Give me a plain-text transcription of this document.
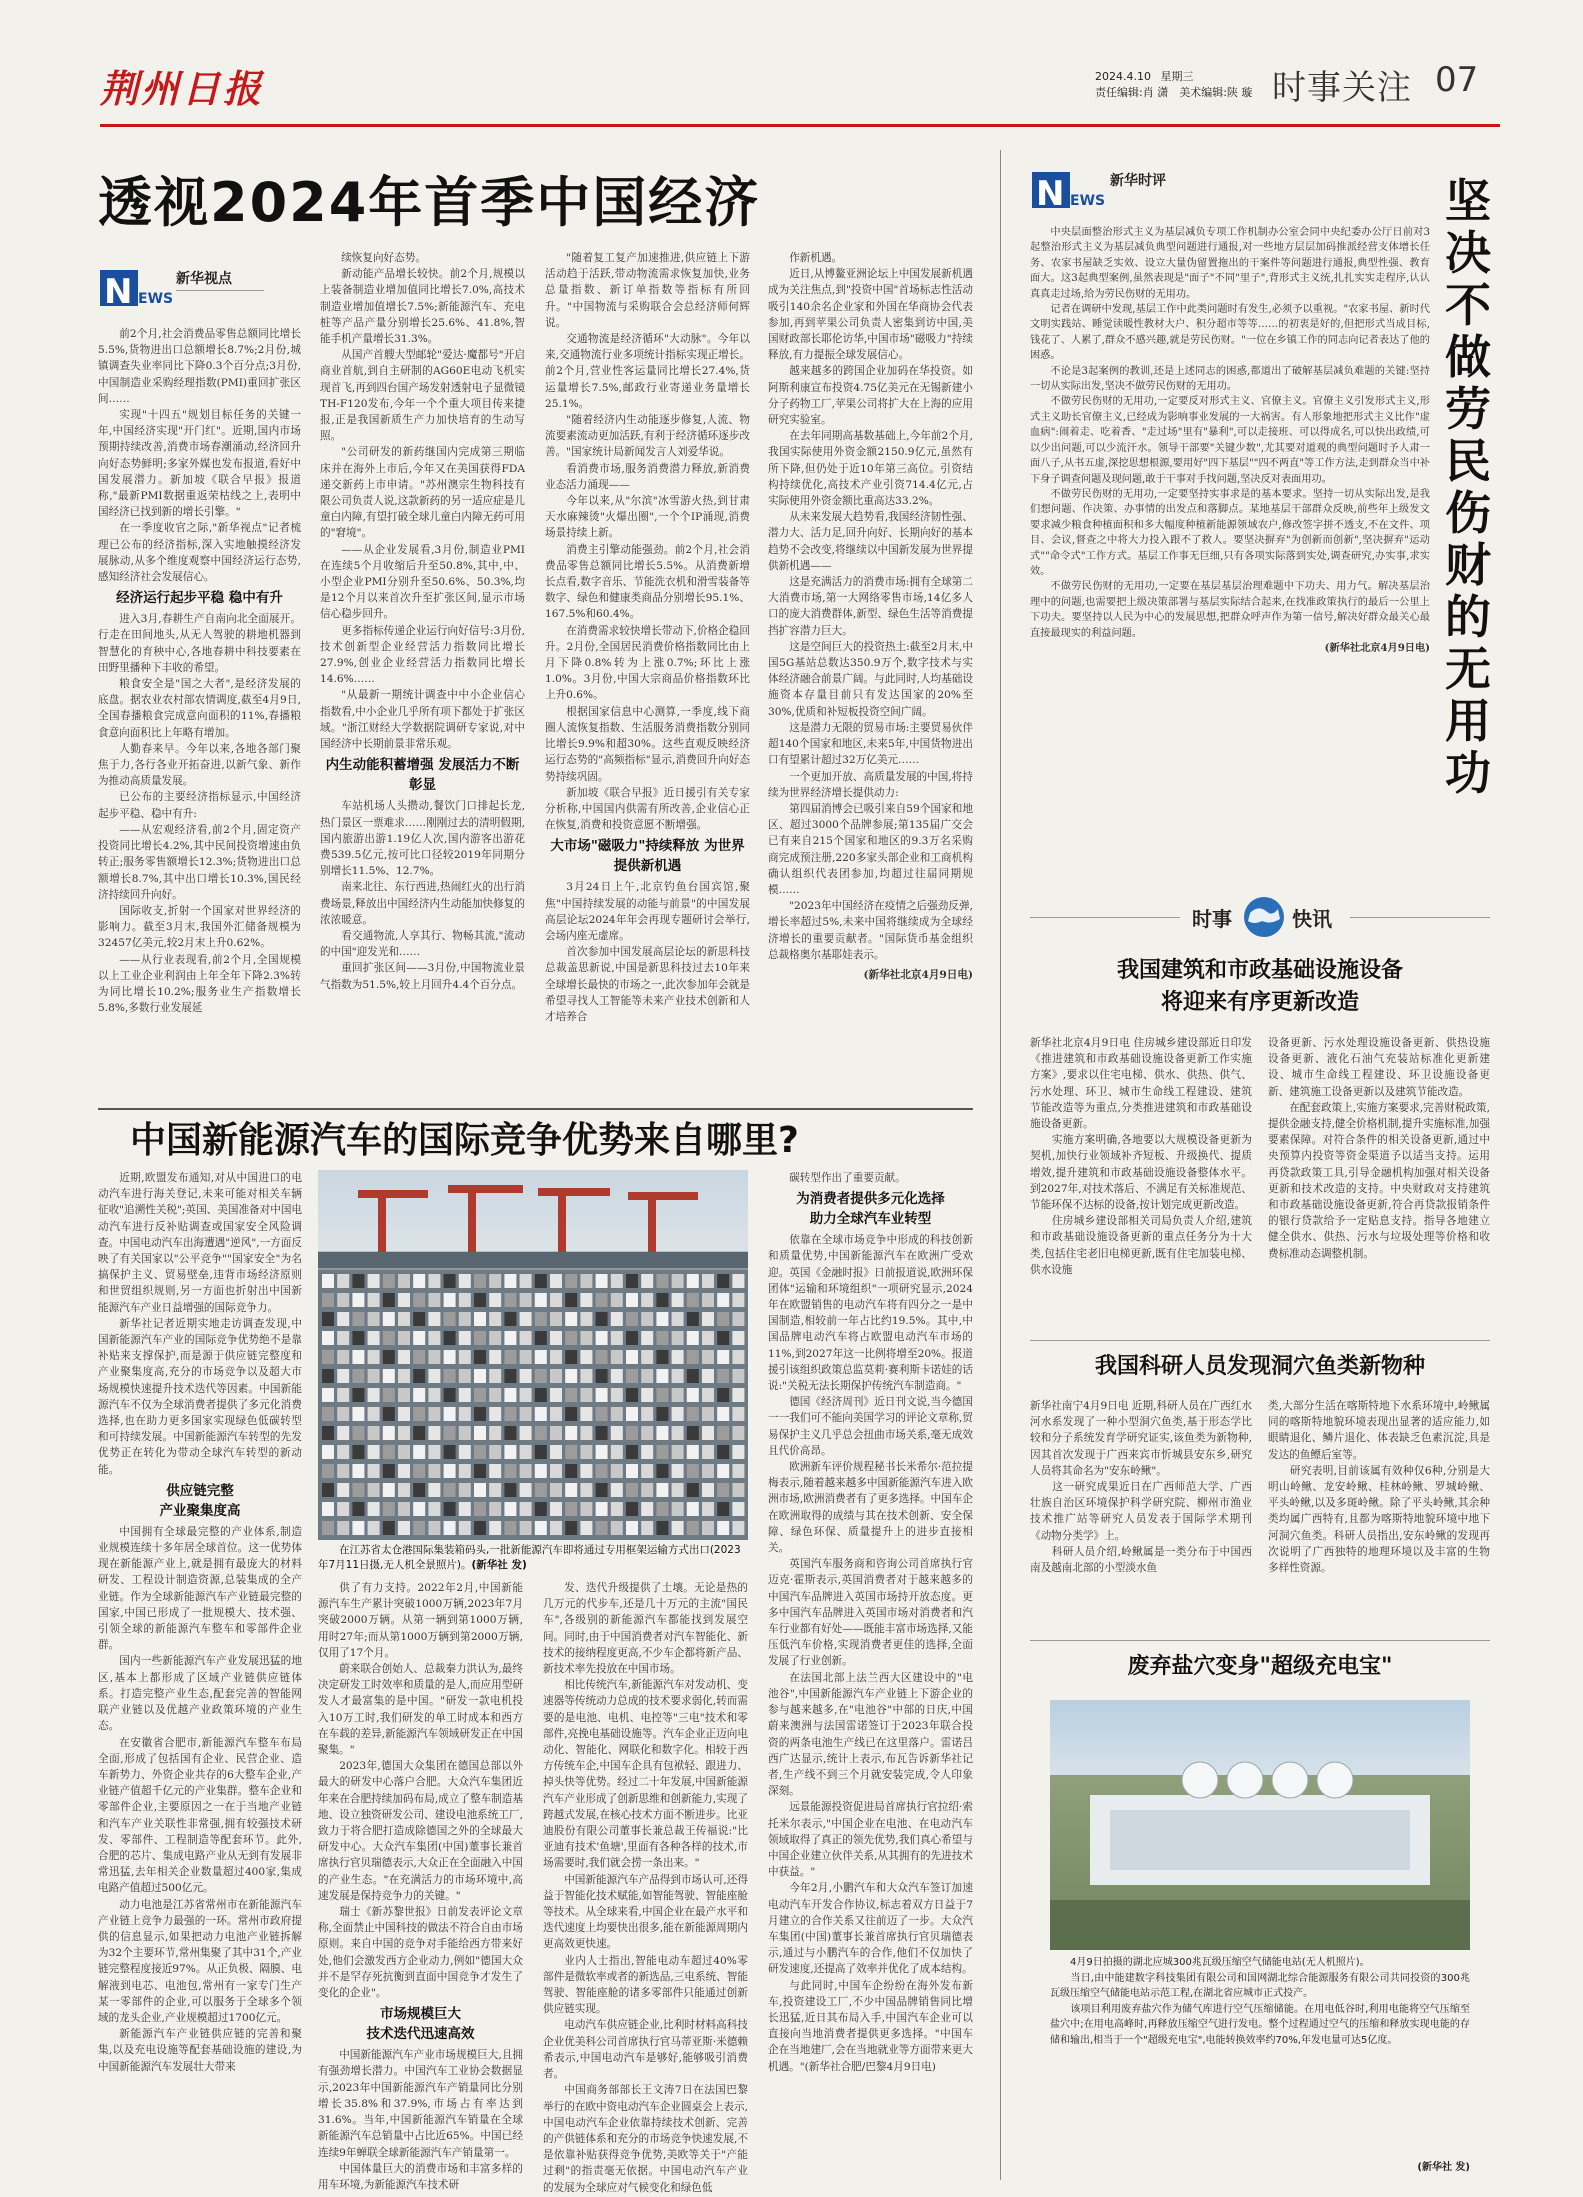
荆州日报	2024.4.10 星期三
责任编辑:肖 潇　美术编辑:陕 璇 时事关注 07
透视2024年首季中国经济
N EWS
新华视点

前2个月,社会消费品零售总额同比增长5.5%,货物进出口总额增长8.7%;2月份,城镇调查失业率同比下降0.3个百分点;3月份,中国制造业采购经理指数(PMI)重回扩张区间……

实现"十四五"规划目标任务的关键一年,中国经济实现"开门红"。近期,国内市场预期持续改善,消费市场春潮涌动,经济回升向好态势鲜明;多家外媒也发布报道,看好中国发展潜力。新加坡《联合早报》报道称,"最新PMI数据重返荣枯线之上,表明中国经济已找到新的增长引擎。"

在一季度收官之际,"新华视点"记者梳理已公布的经济指标,深入实地触摸经济发展脉动,从多个维度观察中国经济运行态势,感知经济社会发展信心。

经济运行起步平稳 稳中有升

进入3月,春耕生产自南向北全面展开。行走在田间地头,从无人驾驶的耕地机器到智慧化的育秧中心,各地春耕中科技要素在田野里播种下丰收的希望。

粮食安全是"国之大者",是经济发展的底盘。据农业农村部农情调度,截至4月9日,全国春播粮食完成意向面积的11%,春播粮食意向面积比上年略有增加。

人勤春来早。今年以来,各地各部门聚焦于力,各行各业开拓奋进,以新气象、新作为推动高质量发展。

已公布的主要经济指标显示,中国经济起步平稳、稳中有升:

——从宏观经济看,前2个月,固定资产投资同比增长4.2%,其中民间投资增速由负转正;服务零售额增长12.3%;货物进出口总额增长8.7%,其中出口增长10.3%,国民经济持续回升向好。

国际收支,折射一个国家对世界经济的影响力。截至3月末,我国外汇储备规模为32457亿美元,较2月末上升0.62%。

——从行业表现看,前2个月,全国规模以上工业企业利润由上年全年下降2.3%转为同比增长10.2%;服务业生产指数增长5.8%,多数行业发展延

续恢复向好态势。

新动能产品增长较快。前2个月,规模以上装备制造业增加值同比增长7.0%,高技术制造业增加值增长7.5%;新能源汽车、充电桩等产品产量分别增长25.6%、41.8%,智能手机产量增长31.3%。

从国产首艘大型邮轮"爱达·魔都号"开启商业首航,到自主研制的AG60E电动飞机实现首飞,再到四台国产场发射透射电子显微镜TH-F120发布,今年一个个重大项目传来捷报,正是我国新质生产力加快培育的生动写照。

"公司研发的新药继国内完成第三期临床并在海外上市后,今年又在美国获得FDA递交新药上市申请。"苏州澳宗生物科技有限公司负责人说,这款新药的另一适应症是儿童白内障,有望打破全球儿童白内障无药可用的"窘境"。

——从企业发展看,3月份,制造业PMI在连续5个月收缩后升至50.8%,其中,中、小型企业PMI分别升至50.6%、50.3%,均是12个月以来首次升至扩张区间,显示市场信心稳步回升。

更多指标传递企业运行向好信号:3月份,技术创新型企业经营活力指数同比增长27.9%,创业企业经营活力指数同比增长14.6%……

"从最新一期统计调查中中小企业信心指数看,中小企业几乎所有项下都处于扩张区域。"浙江财经大学数据院调研专家说,对中国经济中长期前景非常乐观。

内生动能积蓄增强 发展活力不断彰显

车站机场人头攒动,餐饮门口排起长龙,热门景区一票难求……刚刚过去的清明假期,国内旅游出游1.19亿人次,国内游客出游花费539.5亿元,按可比口径较2019年同期分别增长11.5%、12.7%。

南来北往、东行西进,热闹红火的出行消费场景,释放出中国经济内生动能加快修复的浓浓暖意。

看交通物流,人享其行、物畅其流,"流动的中国"迎发光和……

重回扩张区间——3月份,中国物流业景气指数为51.5%,较上月回升4.4个百分点。

"随着复工复产加速推进,供应链上下游活动趋于活跃,带动物流需求恢复加快,业务总量指数、新订单指数等指标有所回升。"中国物流与采购联合会总经济师何辉说。

交通物流是经济循环"大动脉"。今年以来,交通物流行业多项统计指标实现正增长。前2个月,营业性客运量同比增长27.4%,货运量增长7.5%,邮政行业寄递业务量增长25.1%。

"随着经济内生动能逐步修复,人流、物流要素流动更加活跃,有利于经济循环逐步改善。"国家统计局新闻发言人刘爱华说。

看消费市场,服务消费潜力释放,新消费业态活力涌现——

今年以来,从"尔滨"冰雪游火热,到甘肃天水麻辣烫"火爆出圈",一个个IP涌现,消费场景持续上新。

消费主引擎动能强劲。前2个月,社会消费品零售总额同比增长5.5%。从消费新增长点看,数字音乐、节能洗衣机和滑雪装备等数字、绿色和健康类商品分别增长95.1%、167.5%和60.4%。

在消费需求较快增长带动下,价格企稳回升。2月份,全国居民消费价格指数同比由上月下降0.8%转为上涨0.7%;环比上涨1.0%。3月份,中国大宗商品价格指数环比上升0.6%。

根据国家信息中心测算,一季度,线下商圈人流恢复指数、生活服务消费指数分别同比增长9.9%和超30%。这些直观反映经济运行态势的"高频指标"显示,消费回升向好态势持续巩固。

新加坡《联合早报》近日援引有关专家分析称,中国国内供需有所改善,企业信心正在恢复,消费和投资意愿不断增强。

大市场"磁吸力"持续释放 为世界提供新机遇

3月24日上午,北京钓鱼台国宾馆,聚焦"中国持续发展的动能与前景"的中国发展高层论坛2024年年会再现专题研讨会举行,会场内座无虚席。

首次参加中国发展高层论坛的新思科技总裁盖思新说,中国是新思科技过去10年来全球增长最快的市场之一,此次参加年会就是希望寻找人工智能等未来产业技术创新和人才培养合

作新机遇。

近日,从博鳌亚洲论坛上中国发展新机遇成为关注焦点,到"投资中国"首场标志性活动吸引140余名企业家和外国在华商协会代表参加,再到苹果公司负责人密集到访中国,美国财政部长耶伦访华,中国市场"磁吸力"持续释放,有力提振全球发展信心。

越来越多的跨国企业加码在华投资。如阿斯利康宣布投资4.75亿美元在无锡新建小分子药物工厂,苹果公司将扩大在上海的应用研究实验室。

在去年同期高基数基础上,今年前2个月,我国实际使用外资金额2150.9亿元,虽然有所下降,但仍处于近10年第三高位。引资结构持续优化,高技术产业引资714.4亿元,占实际使用外资金额比重高达33.2%。

从未来发展大趋势看,我国经济韧性强、潜力大、活力足,回升向好、长期向好的基本趋势不会改变,将继续以中国新发展为世界提供新机遇——

这是充满活力的消费市场:拥有全球第二大消费市场,第一大网络零售市场,14亿多人口的庞大消费群体,新型、绿色生活等消费提挡扩容潜力巨大。

这是空间巨大的投资热土:截至2月末,中国5G基站总数达350.9万个,数字技术与实体经济融合前景广阔。与此同时,人均基础设施资本存量目前只有发达国家的20%至30%,优质和补短板投资空间广阔。

这是潜力无限的贸易市场:主要贸易伙伴超140个国家和地区,未来5年,中国货物进出口有望累计超过32万亿美元……

一个更加开放、高质量发展的中国,将持续为世界经济增长提供动力:

第四届消博会已吸引来自59个国家和地区、超过3000个品牌参展;第135届广交会已有来自215个国家和地区的9.3万名采购商完成预注册,220多家头部企业和工商机构确认组织代表团参加,均超过往届同期规模……

"2023年中国经济在疫情之后强劲反弹,增长率超过5%,未来中国将继续成为全球经济增长的重要贡献者。"国际货币基金组织总裁格奥尔基耶娃表示。

(新华社北京4月9日电)

中国新能源汽车的国际竞争优势来自哪里?

近期,欧盟发布通知,对从中国进口的电动汽车进行海关登记,未来可能对相关车辆征收"追溯性关税";英国、美国准备对中国电动汽车进行反补贴调查或国家安全风险调查。中国电动汽车出海遭遇"逆风",一方面反映了有关国家以"公平竞争""国家安全"为名搞保护主义、贸易壁垒,违背市场经济原则和世贸组织规则,另一方面也折射出中国新能源汽车产业日益增强的国际竞争力。

新华社记者近期实地走访调查发现,中国新能源汽车产业的国际竞争优势绝不是靠补贴来支撑保护,而是源于供应链完整度和产业聚集度高,充分的市场竞争以及超大市场规模快速提升技术迭代等因素。中国新能源汽车不仅为全球消费者提供了多元化消费选择,也在助力更多国家实现绿色低碳转型和可持续发展。中国新能源汽车转型的先发优势正在转化为带动全球汽车转型的新动能。

供应链完整
产业聚集度高

中国拥有全球最完整的产业体系,制造业规模连续十多年居全球首位。这一优势体现在新能源产业上,就是拥有最庞大的材料研发、工程设计制造资源,总装集成的全产业链。作为全球新能源汽车产业链最完整的国家,中国已形成了一批规模大、技术强、引领全球的新能源汽车整车和零部件企业群。

国内一些新能源汽车产业发展迅猛的地区,基本上都形成了区域产业链供应链体系。打造完整产业生态,配套完善的智能网联产业链以及优越产业政策环境的产业生态。

在安徽省合肥市,新能源汽车整车布局全面,形成了包括国有企业、民营企业、造车新势力、外资企业共存的6大整车企业,产业链产值超千亿元的产业集群。整车企业和零部件企业,主要原因之一在于当地产业链和汽车产业关联性非常强,拥有较强技术研发、零部件、工程制造等配套环节。此外,合肥的芯片、集成电路产业从无到有发展非常迅猛,去年相关企业数量超过400家,集成电路产值超过500亿元。

动力电池是江苏省常州市在新能源汽车产业链上竞争力最强的一环。常州市政府提供的信息显示,如果把动力电池产业链拆解为32个主要环节,常州集聚了其中31个,产业链完整程度接近97%。从正负极、隔膜、电解液到电芯、电池包,常州有一家专门生产某一零部件的企业,可以服务于全球多个领域的龙头企业,产业规模超过1700亿元。

新能源汽车产业链供应链的完善和聚集,以及充电设施等配套基础设施的建设,为中国新能源汽车发展壮大带来

在江苏省太仓港国际集装箱码头,一批新能源汽车即将通过专用框架运输方式出口(2023年7月11日摄,无人机全景照片)。(新华社 发)

供了有力支持。2022年2月,中国新能源汽车生产累计突破1000万辆,2023年7月突破2000万辆。从第一辆到第1000万辆,用时27年;而从第1000万辆到第2000万辆,仅用了17个月。

蔚来联合创始人、总裁秦力洪认为,最终决定研发工时效率和质量的是人,而应用型研发人才最富集的是中国。"研发一款电机投入10万工时,我们研发的单工时成本和西方在车载的差异,新能源汽车领域研发正在中国聚集。"

2023年,德国大众集团在德国总部以外最大的研发中心落户合肥。大众汽车集团近年来在合肥持续加码布局,成立了整车制造基地、设立独资研发公司、建设电池系统工厂,致力于将合肥打造成除德国之外的全球最大研发中心。大众汽车集团(中国)董事长兼首席执行官贝瑞德表示,大众正在全面融入中国的产业生态。"在充满活力的市场环境中,高速发展是保持竞争力的关键。"

瑞士《新苏黎世报》日前发表评论文章称,全面禁止中国科技的做法不符合自由市场原则。来自中国的竞争对手能给西方带来好处,他们会激发西方企业动力,例如"德国大众并不是罕存死抗衡到直面中国竞争才发生了变化的企业"。

市场规模巨大
技术迭代迅速高效

中国新能源汽车产业市场规模巨大,且拥有强劲增长潜力。中国汽车工业协会数据显示,2023年中国新能源汽车产销量同比分别增长35.8%和37.9%,市场占有率达到31.6%。当年,中国新能源汽车销量在全球新能源汽车总销量中占比近65%。中国已经连续9年蝉联全球新能源汽车产销量第一。

中国体量巨大的消费市场和丰富多样的用车环境,为新能源汽车技术研

发、迭代升级提供了土壤。无论是热的几万元的代步车,还是几十万元的主流"国民车",各级别的新能源汽车都能找到发展空间。同时,由于中国消费者对汽车智能化、新技术的接纳程度更高,不少车企都将新产品、新技术率先投放在中国市场。

相比传统汽车,新能源汽车对发动机、变速器等传统动力总成的技术要求弱化,转而需要的是电池、电机、电控等"三电"技术和零部件,亮挽电基础设施等。汽车企业正迈向电动化、智能化、网联化和数字化。相较于西方传统车企,中国车企具有包袱轻、跟进力、掉头快等优势。经过二十年发展,中国新能源汽车产业形成了创新思维和创新能力,实现了跨越式发展,在核心技术方面不断进步。比亚迪股份有限公司董事长兼总裁王传福说:"比亚迪有技术'鱼塘',里面有各种各样的技术,市场需要时,我们就会捞一条出来。"

中国新能源汽车产品得到市场认可,还得益于智能化技术赋能,如智能驾驶、智能座舱等技术。从全球来看,中国企业在最产水平和迭代速度上均要快出很多,能在新能源周期内更高效更快速。

业内人士指出,智能电动车超过40%零部件是微软率或者的新选品,三电系统、智能驾驶、智能座舱的诸多零部件只能通过创新供应链实现。

电动汽车供应链企业,比利时材料高科技企业优美科公司首席执行官马蒂亚斯·米德赖希表示,中国电动汽车是够好,能够吸引消费者。

中国商务部部长王文涛7日在法国巴黎举行的在欧中资电动汽车企业圆桌会上表示,中国电动汽车企业依靠持续技术创新、完善的产供链体系和充分的市场竞争快速发展,不是依靠补贴获得竞争优势,美欧等关于"产能过剩"的指责毫无依据。中国电动汽车产业的发展为全球应对气候变化和绿色低

碳转型作出了重要贡献。

为消费者提供多元化选择
助力全球汽车业转型

依靠在全球市场竞争中形成的科技创新和质量优势,中国新能源汽车在欧洲广受欢迎。英国《金融时报》日前报道说,欧洲环保团体"运输和环境组织"一项研究显示,2024年在欧盟销售的电动汽车将有四分之一是中国制造,相较前一年占比约19.5%。其中,中国品牌电动汽车将占欧盟电动汽车市场的11%,到2027年这一比例将增至20%。报道援引该组织政策总监莫莉·赛利斯卡诺娃的话说:"关税无法长期保护传统汽车制造商。"

德国《经济周刊》近日刊文说,当今德国一一我们可不能向美国学习的评论文章称,贸易保护主义几乎总会扭曲市场关系,毫无成效且代价高昂。

欧洲新车评价规程秘书长米希尔·范拉提梅表示,随着越来越多中国新能源汽车进入欧洲市场,欧洲消费者有了更多选择。中国车企在欧洲取得的成绩与其在技术创新、安全保障、绿色环保、质量提升上的进步直接相关。

英国汽车服务商和咨询公司首席执行官迈克·霍斯表示,英国消费者对于越来越多的中国汽车品牌进入英国市场持开放态度。更多中国汽车品牌进入英国市场对消费者和汽车行业都有好处——既能丰富市场选择,又能压低汽车价格,实现消费者更佳的选择,全面发展了行业创新。

在法国北部上法兰西大区建设中的"电池谷",中国新能源汽车产业链上下游企业的参与越来越多,在"电池谷"中部的日庆,中国蔚来澳洲与法国雷诺签订于2023年联合投资的两条电池生产线已在这里落户。雷诺吕西广达显示,统计上表示,布瓦告诉新华社记者,生产线不到三个月就安装完成,令人印象深刻。

远景能源投资促进局首席执行官拉绍·索托米尔表示,"中国企业在电池、在电动汽车领域取得了真正的领先优势,我们真心希望与中国企业建立伙伴关系,从其拥有的先进技术中获益。"

今年2月,小鹏汽车和大众汽车签订加速电动汽车开发合作协议,标志着双方日益于7月建立的合作关系又往前迈了一步。大众汽车集团(中国)董事长兼首席执行官贝瑞德表示,通过与小鹏汽车的合作,他们不仅加快了研发速度,还提高了效率并优化了成本结构。

与此同时,中国车企纷纷在海外发布新车,投资建设工厂,不少中国品牌销售同比增长迅猛,近日其布局入手,中国汽车企业可以直接向当地消费者提供更多选择。"中国车企在当地建厂,会在当地就业等方面带来更大机遇。"(新华社合肥/巴黎4月9日电)

N EWS
新华时评

中央层面整治形式主义为基层减负专项工作机制办公室会同中央纪委办公厅日前对3起整治形式主义为基层减负典型问题进行通报,对一些地方层层加码推派经营支体增长任务、农家书屋缺乏实效、设立大量伪留置拖出的干案件等问题进行通报,典型性强、教育面大。这3起典型案例,虽然表现是"面子"不同"里子",背形式主义统,扎扎实实走程序,认认真真走过场,给为劳民伤财的无用功。

记者在调研中发现,基层工作中此类问题时有发生,必须予以重视。"农家书屋、新时代文明实践站、睡觉读暖性教材大户、积分超市等等……的初衷是好的,但把形式当成目标,钱花了、人累了,群众不感兴趣,就是劳民伤财。"一位在乡镇工作的同志向记者表达了他的困惑。

不论是3起案例的教训,还是上述同志的困惑,都道出了破解基层减负难题的关键:坚持一切从实际出发,坚决不做劳民伤财的无用功。

不做劳民伤财的无用功,一定要反对形式主义、官僚主义。官僚主义引发形式主义,形式主义助长官僚主义,已经成为影响事业发展的一大祸害。有人形象地把形式主义比作"虚血病":闹着走、吃着香、"走过场"里有"暴利",可以走接班、可以得成名,可以快出政绩,可以少出问题,可以少流汗水。领导干部要"关键少数",尤其要对道观的典型问题时予人肃一面八子,从书五虚,深挖思想根源,要用好"四下基层""四不两直"等工作方法,走到群众当中补下身子调查问题及现问题,敢于干事对手找问题,坚决反对表面用功。

不做劳民伤财的无用功,一定要坚持实事求是的基本要求。坚持一切从实际出发,是我们想问题、作决策、办事情的出发点和落脚点。某地基层干部群众反映,前些年上级发文要求减少粮食种植面积和多大幅度种植新能源领域农户,修改签字拼不透支,不在文件、项目、会议,督查之中将大力投入跟不了救人。要坚决摒弃"为创新而创新",坚决摒弃"运动式""命令式"工作方式。基层工作事无巨细,只有各项实际落到实处,调查研究,办实事,求实效。

不做劳民伤财的无用功,一定要在基层基层治理难题中下功夫、用力气。解决基层治理中的问题,也需要把上级决策部署与基层实际结合起来,在找准政策执行的最后一公里上下功夫。要坚持以人民为中心的发展思想,把群众呼声作为第一信号,解决好群众最关心最直接最现实的利益问题。

(新华社北京4月9日电)

坚决不做劳民伤财的无用功
时事	快讯
我国建筑和市政基础设施设备
将迎来有序更新改造
新华社北京4月9日电 住房城乡建设部近日印发《推进建筑和市政基础设施设备更新工作实施方案》,要求以住宅电梯、供水、供热、供气、污水处理、环卫、城市生命线工程建设、建筑节能改造等为重点,分类推进建筑和市政基础设施设备更新。
　　实施方案明确,各地要以大规模设备更新为契机,加快行业领域补齐短板、升级换代、提质增效,提升建筑和市政基础设施设备整体水平。到2027年,对技术落后、不满足有关标准规范、节能环保不达标的设备,按计划完成更新改造。
　　住房城乡建设部相关司局负责人介绍,建筑和市政基础设施设备更新的重点任务分为十大类,包括住宅老旧电梯更新,既有住宅加装电梯、供水设施
设备更新、污水处理设施设备更新、供热设施设备更新、液化石油气充装站标准化更新建设、城市生命线工程建设、环卫设施设备更新、建筑施工设备更新以及建筑节能改造。
　　在配套政策上,实施方案要求,完善财税政策,提供金融支持,健全价格机制,提升实施标准,加强要素保障。对符合条件的相关设备更新,通过中央预算内投资等资金渠道予以适当支持。运用再贷款政策工具,引导金融机构加强对相关设备更新和技术改造的支持。中央财政对支持建筑和市政基础设施设备更新,符合再贷款报销条件的银行贷款给予一定贴息支持。指导各地建立健全供水、供热、污水与垃圾处理等价格和收费标准动态调整机制。
我国科研人员发现洞穴鱼类新物种
新华社南宁4月9日电 近期,科研人员在广西红水河水系发现了一种小型洞穴鱼类,基于形态学比较和分子系统发育学研究证实,该鱼类为新物种,因其首次发现于广西来宾市忻城县安东乡,研究人员将其命名为"安东岭鳅"。
　　这一研究成果近日在广西师范大学、广西壮族自治区环境保护科学研究院、柳州市渔业技术推广站等研究人员发表于国际学术期刊《动物分类学》上。
　　科研人员介绍,岭鳅属是一类分布于中国西南及越南北部的小型淡水鱼
类,大部分生活在喀斯特地下水系环境中,岭鳅属同的喀斯特地貌环境表现出显著的适应能力,如眼睛退化、鳞片退化、体表缺乏色素沉淀,具是发达的鱼鳔后室等。
　　研究表明,目前该属有效种仅6种,分别是大明山岭鳅、龙安岭鳅、桂林岭鳅、罗城岭鳅、平头岭鳅,以及多斑岭鳅。除了平头岭鳅,其余种类均属广西特有,且都为喀斯特地貌环境中地下河洞穴鱼类。科研人员指出,安东岭鳅的发现再次说明了广西独特的地理环境以及丰富的生物多样性资源。
废弃盐穴变身"超级充电宝"
4月9日拍摄的湖北应城300兆瓦级压缩空气储能电站(无人机照片)。
　　当日,由中能建数字科技集团有限公司和国网湖北综合能源服务有限公司共同投资的300兆瓦级压缩空气储能电站示范工程,在湖北省应城市正式投产。
　　该项目利用废弃盐穴作为储气库进行空气压缩储能。在用电低谷时,利用电能将空气压缩至盐穴中;在用电高峰时,再释放压缩空气进行发电。整个过程通过空气的压缩和释放实现电能的存储和输出,相当于一个"超级充电宝",电能转换效率约70%,年发电量可达5亿度。
(新华社 发)
